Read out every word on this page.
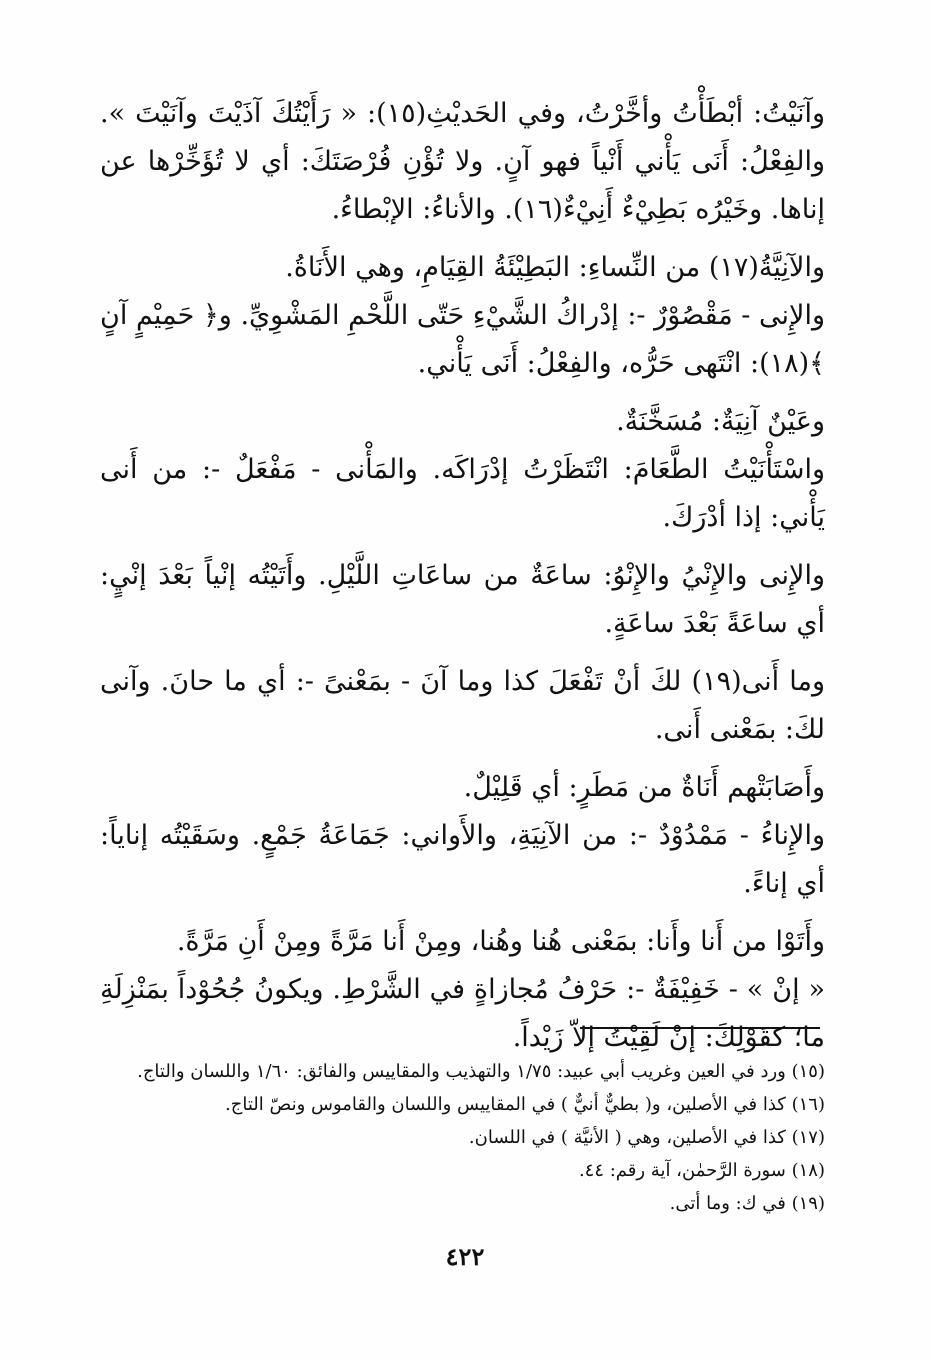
وآنَيْتُ: أبْطَأْتُ وأخَّرْتُ، وفي الحَديْثِ(١٥): « رَأَيْتُكَ آذَيْتَ وآنَيْتَ ». والفِعْلُ: أَنَى يَأْني أَنْياً فهو آنٍ. ولا تُؤْنِ فُرْصَتَكَ: أي لا تُؤَخِّرْها عن إناها. وخَيْرُه بَطِيْءٌ أَنِيْءٌ(١٦). والأناءُ: الإبْطاءُ.
والآنِيَّةُ(١٧) من النِّساءِ: البَطِيْئَةُ القِيَامِ، وهي الأَنَاةُ.
والإِنى - مَقْصُوْرٌ -: إدْراكُ الشَّيْءِ حَتّى اللَّحْمِ المَشْوِيِّ. و﴿ حَمِيْمٍ آنٍ ﴾(١٨): انْتَهى حَرُّه، والفِعْلُ: أَنَى يَأْني.
وعَيْنٌ آنِيَةٌ: مُسَخَّنَةٌ.
واسْتَأْنَيْتُ الطَّعَامَ: انْتَظَرْتُ إدْرَاكَه. والمَأْنى - مَفْعَلٌ -: من أَنى يَأْني: إذا أدْرَكَ.
والإِنى والإِنْيُ والإِنْوُ: ساعَةٌ من ساعَاتِ اللَّيْلِ. وأَتَيْتُه إنْياً بَعْدَ إنْيٍ: أي ساعَةً بَعْدَ ساعَةٍ.
وما أَنى(١٩) لكَ أنْ تَفْعَلَ كذا وما آنَ - بمَعْنىً -: أي ما حانَ. وآنى لكَ: بمَعْنى أَنى.
وأَصَابَتْهم أَنَاةٌ من مَطَرٍ: أي قَلِيْلٌ.
والإِناءُ - مَمْدُوْدٌ -: من الآنِيَةِ، والأَواني: جَمَاعَةُ جَمْعٍ. وسَقَيْتُه إناياً: أي إناءً.
وأَتَوْا من أَنا وأَنا: بمَعْنى هُنا وهُنا، ومِنْ أَنا مَرَّةً ومِنْ أَنِ مَرَّةً.
« إنْ » - خَفِيْفَةٌ -: حَرْفُ مُجازاةٍ في الشَّرْطِ. ويكونُ جُحُوْداً بمَنْزِلَةِ ما؛ كقَوْلِكَ: إنْ لَقِيْتُ إلاّ زَيْداً.
(١٥) ورد في العين وغريب أبي عبيد: ١/٧٥ والتهذيب والمقاييس والفائق: ١/٦٠ واللسان والتاج.
(١٦) كذا في الأصلين، و( بطيٌّ أنيٌّ ) في المقاييس واللسان والقاموس ونصّ التاج.
(١٧) كذا في الأصلين، وهي ( الأنيَّة ) في اللسان.
(١٨) سورة الرَّحمٰن، آية رقم: ٤٤.
(١٩) في ك: وما أتى.
٤٢٢
